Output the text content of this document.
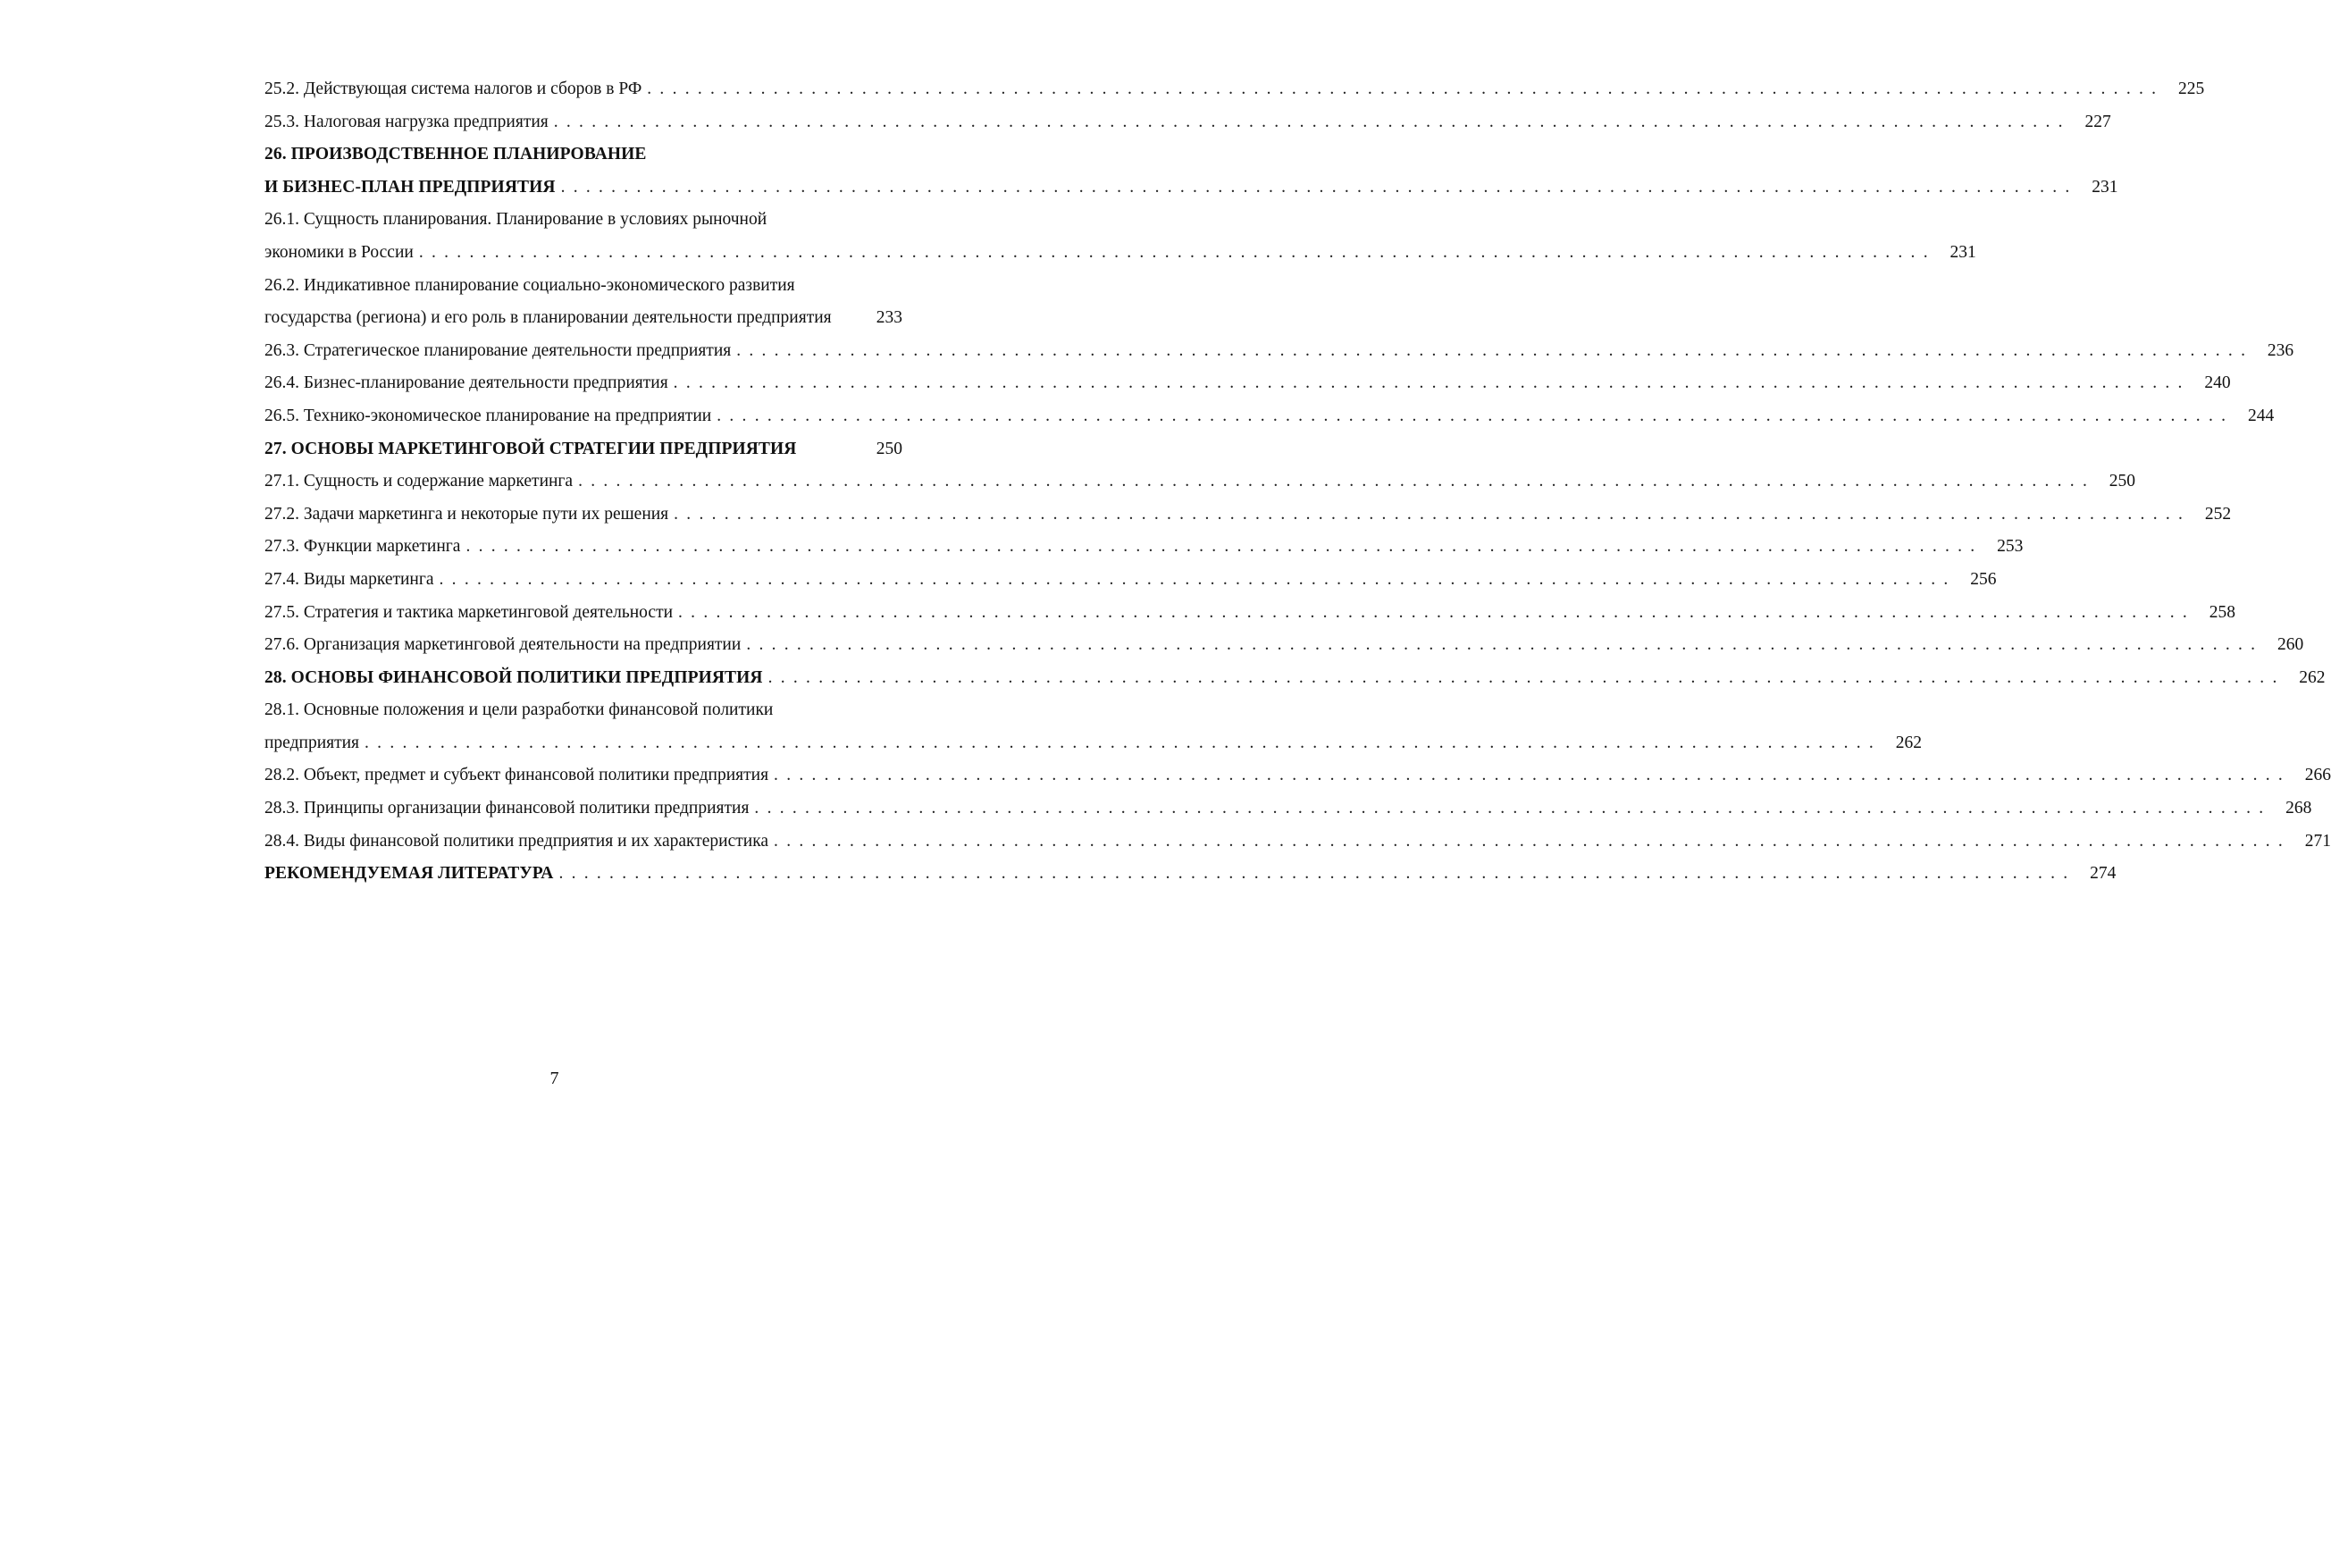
25.2. Действующая система налогов и сборов в РФ . . . . . . . . . . . . . . . . . . . . . . . . . . . . . . . . . . . . . . . . . . . . . . . . . . . . . . . . . . . . . . . . . . . . . . . . . . . . . . . . . . . . . . . . . . . . . . . . . . . . . . . . . . . . . . . . . . . . . . . .	225
25.3. Налоговая нагрузка предприятия . . . . . . . . . . . . . . . . . . . . . . . . . . . . . . . . . . . . . . . . . . . . . . . . . . . . . . . . . . . . . . . . . . . . . . . . . . . . . . . . . . . . . . . . . . . . . . . . . . . . . . . . . . . . . . . . . . . . . . . .	227
26. ПРОИЗВОДСТВЕННОЕ ПЛАНИРОВАНИЕ
И БИЗНЕС-ПЛАН ПРЕДПРИЯТИЯ . . . . . . . . . . . . . . . . . . . . . . . . . . . . . . . . . . . . . . . . . . . . . . . . . . . . . . . . . . . . . . . . . . . . . . . . . . . . . . . . . . . . . . . . . . . . . . . . . . . . . . . . . . . . . . . . . . . . . . . .	231
26.1. Сущность планирования. Планирование в условиях рыночной
экономики в России . . . . . . . . . . . . . . . . . . . . . . . . . . . . . . . . . . . . . . . . . . . . . . . . . . . . . . . . . . . . . . . . . . . . . . . . . . . . . . . . . . . . . . . . . . . . . . . . . . . . . . . . . . . . . . . . . . . . . . . .	231
26.2. Индикативное планирование социально-экономического развития
государства (региона) и его роль в планировании деятельности предприятия	233
26.3. Стратегическое планирование деятельности предприятия . . . . . . . . . . . . . . . . . . . . . . . . . . . . . . . . . . . . . . . . . . . . . . . . . . . . . . . . . . . . . . . . . . . . . . . . . . . . . . . . . . . . . . . . . . . . . . . . . . . . . . . . . . . . . . . . . . . . . . . .	236
26.4. Бизнес-планирование деятельности предприятия . . . . . . . . . . . . . . . . . . . . . . . . . . . . . . . . . . . . . . . . . . . . . . . . . . . . . . . . . . . . . . . . . . . . . . . . . . . . . . . . . . . . . . . . . . . . . . . . . . . . . . . . . . . . . . . . . . . . . . . .	240
26.5. Технико-экономическое планирование на предприятии . . . . . . . . . . . . . . . . . . . . . . . . . . . . . . . . . . . . . . . . . . . . . . . . . . . . . . . . . . . . . . . . . . . . . . . . . . . . . . . . . . . . . . . . . . . . . . . . . . . . . . . . . . . . . . . . . . . . . . . .	244
27. ОСНОВЫ МАРКЕТИНГОВОЙ СТРАТЕГИИ ПРЕДПРИЯТИЯ	250
27.1. Сущность и содержание маркетинга . . . . . . . . . . . . . . . . . . . . . . . . . . . . . . . . . . . . . . . . . . . . . . . . . . . . . . . . . . . . . . . . . . . . . . . . . . . . . . . . . . . . . . . . . . . . . . . . . . . . . . . . . . . . . . . . . . . . . . . .	250
27.2. Задачи маркетинга и некоторые пути их решения . . . . . . . . . . . . . . . . . . . . . . . . . . . . . . . . . . . . . . . . . . . . . . . . . . . . . . . . . . . . . . . . . . . . . . . . . . . . . . . . . . . . . . . . . . . . . . . . . . . . . . . . . . . . . . . . . . . . . . . .	252
27.3. Функции маркетинга . . . . . . . . . . . . . . . . . . . . . . . . . . . . . . . . . . . . . . . . . . . . . . . . . . . . . . . . . . . . . . . . . . . . . . . . . . . . . . . . . . . . . . . . . . . . . . . . . . . . . . . . . . . . . . . . . . . . . . . .	253
27.4. Виды маркетинга . . . . . . . . . . . . . . . . . . . . . . . . . . . . . . . . . . . . . . . . . . . . . . . . . . . . . . . . . . . . . . . . . . . . . . . . . . . . . . . . . . . . . . . . . . . . . . . . . . . . . . . . . . . . . . . . . . . . . . . .	256
27.5. Стратегия и тактика маркетинговой деятельности . . . . . . . . . . . . . . . . . . . . . . . . . . . . . . . . . . . . . . . . . . . . . . . . . . . . . . . . . . . . . . . . . . . . . . . . . . . . . . . . . . . . . . . . . . . . . . . . . . . . . . . . . . . . . . . . . . . . . . . .	258
27.6. Организация маркетинговой деятельности на предприятии . . . . . . . . . . . . . . . . . . . . . . . . . . . . . . . . . . . . . . . . . . . . . . . . . . . . . . . . . . . . . . . . . . . . . . . . . . . . . . . . . . . . . . . . . . . . . . . . . . . . . . . . . . . . . . . . . . . . . . . .	260
28. ОСНОВЫ ФИНАНСОВОЙ ПОЛИТИКИ ПРЕДПРИЯТИЯ . . . . . . . . . . . . . . . . . . . . . . . . . . . . . . . . . . . . . . . . . . . . . . . . . . . . . . . . . . . . . . . . . . . . . . . . . . . . . . . . . . . . . . . . . . . . . . . . . . . . . . . . . . . . . . . . . . . . . . . .	262
28.1. Основные положения и цели разработки финансовой политики
предприятия . . . . . . . . . . . . . . . . . . . . . . . . . . . . . . . . . . . . . . . . . . . . . . . . . . . . . . . . . . . . . . . . . . . . . . . . . . . . . . . . . . . . . . . . . . . . . . . . . . . . . . . . . . . . . . . . . . . . . . . .	262
28.2. Объект, предмет и субъект финансовой политики предприятия . . . . . . . . . . . . . . . . . . . . . . . . . . . . . . . . . . . . . . . . . . . . . . . . . . . . . . . . . . . . . . . . . . . . . . . . . . . . . . . . . . . . . . . . . . . . . . . . . . . . . . . . . . . . . . . . . . . . . . . .	266
28.3. Принципы организации финансовой политики предприятия . . . . . . . . . . . . . . . . . . . . . . . . . . . . . . . . . . . . . . . . . . . . . . . . . . . . . . . . . . . . . . . . . . . . . . . . . . . . . . . . . . . . . . . . . . . . . . . . . . . . . . . . . . . . . . . . . . . . . . . .	268
28.4. Виды финансовой политики предприятия и их характеристика . . . . . . . . . . . . . . . . . . . . . . . . . . . . . . . . . . . . . . . . . . . . . . . . . . . . . . . . . . . . . . . . . . . . . . . . . . . . . . . . . . . . . . . . . . . . . . . . . . . . . . . . . . . . . . . . . . . . . . . .	271
РЕКОМЕНДУЕМАЯ ЛИТЕРАТУРА . . . . . . . . . . . . . . . . . . . . . . . . . . . . . . . . . . . . . . . . . . . . . . . . . . . . . . . . . . . . . . . . . . . . . . . . . . . . . . . . . . . . . . . . . . . . . . . . . . . . . . . . . . . . . . . . . . . . . . . .	274
7
